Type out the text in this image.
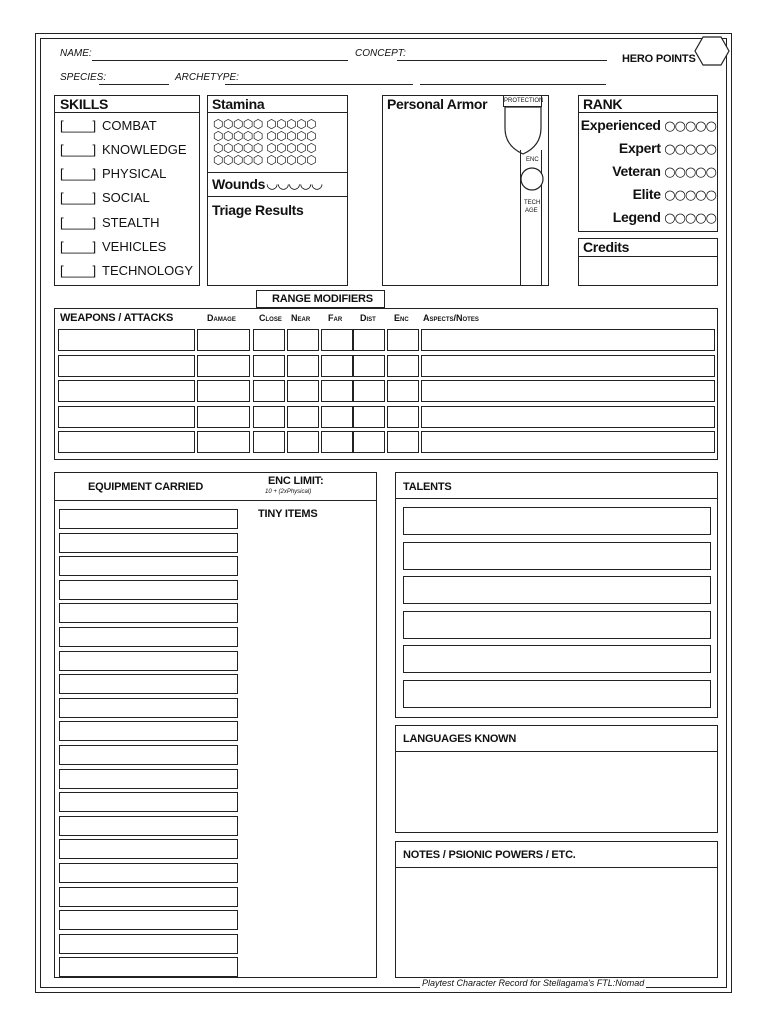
NAME:	CONCEPT:
SPECIES:	ARCHETYPE:
HERO POINTS
SKILLS
[____] COMBAT
[____] KNOWLEDGE
[____] PHYSICAL
[____] SOCIAL
[____] STEALTH
[____] VEHICLES
[____] TECHNOLOGY
Stamina
⬡⬡⬡⬡⬡ ⬡⬡⬡⬡⬡
⬡⬡⬡⬡⬡ ⬡⬡⬡⬡⬡
⬡⬡⬡⬡⬡ ⬡⬡⬡⬡⬡
⬡⬡⬡⬡⬡ ⬡⬡⬡⬡⬡
Wounds ◡◡◡◡◡
Triage Results
Personal Armor	PROTECTION
ENC
TECH
AGE
RANK
Experienced ○○○○○
Expert ○○○○○
Veteran ○○○○○
Elite ○○○○○
Legend ○○○○○
Credits
RANGE MODIFIERS
WEAPONS / ATTACKS	Damage	Close Near Far Dist Enc Aspects/Notes
EQUIPMENT CARRIED	ENC LIMIT:
10 + (2xPhysical)
TINY ITEMS
TALENTS
LANGUAGES KNOWN
NOTES / PSIONIC POWERS / ETC.
Playtest Character Record for Stellagama's FTL:Nomad
